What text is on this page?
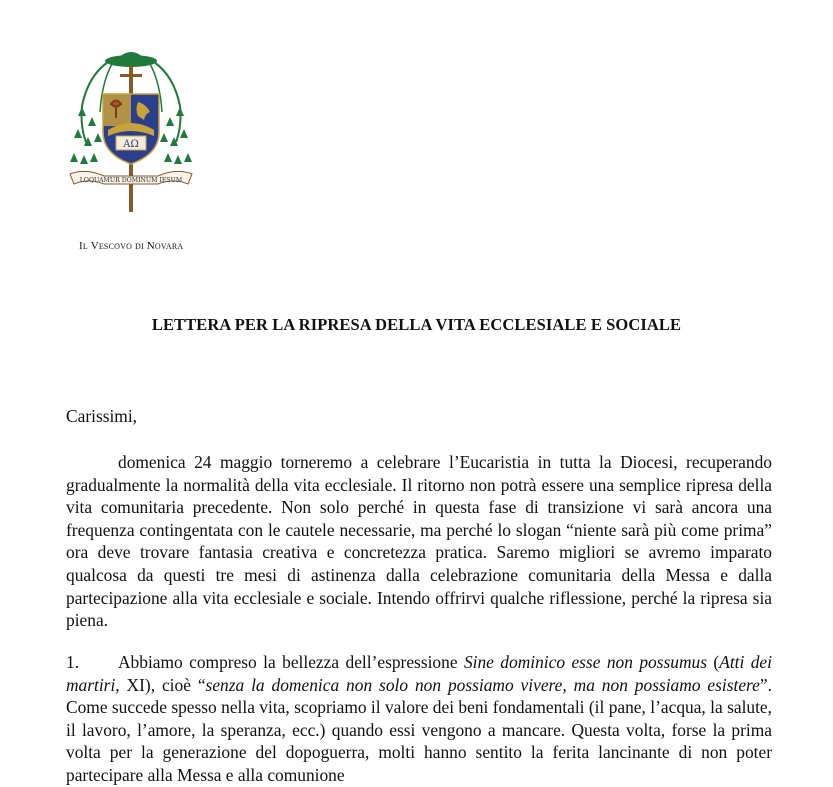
AΩ
LOQUAMUR DOMINUM IESUM
Il Vescovo di Novara
LETTERA PER LA RIPRESA DELLA VITA ECCLESIALE E SOCIALE
Carissimi,
domenica 24 maggio torneremo a celebrare l’Eucaristia in tutta la Diocesi, recuperando gradualmente la normalità della vita ecclesiale. Il ritorno non potrà essere una semplice ripresa della vita comunitaria precedente. Non solo perché in questa fase di transizione vi sarà ancora una frequenza contingentata con le cautele necessarie, ma perché lo slogan “niente sarà più come prima” ora deve trovare fantasia creativa e concretezza pratica. Saremo migliori se avremo imparato qualcosa da questi tre mesi di astinenza dalla celebrazione comunitaria della Messa e dalla partecipazione alla vita ecclesiale e sociale. Intendo offrirvi qualche riflessione, perché la ripresa sia piena.
1. Abbiamo compreso la bellezza dell’espressione Sine dominico esse non possumus (Atti dei martiri, XI), cioè “senza la domenica non solo non possiamo vivere, ma non possiamo esistere”. Come succede spesso nella vita, scopriamo il valore dei beni fondamentali (il pane, l’acqua, la salute, il lavoro, l’amore, la speranza, ecc.) quando essi vengono a mancare. Questa volta, forse la prima volta per la generazione del dopoguerra, molti hanno sentito la ferita lancinante di non poter partecipare alla Messa e alla comunione
